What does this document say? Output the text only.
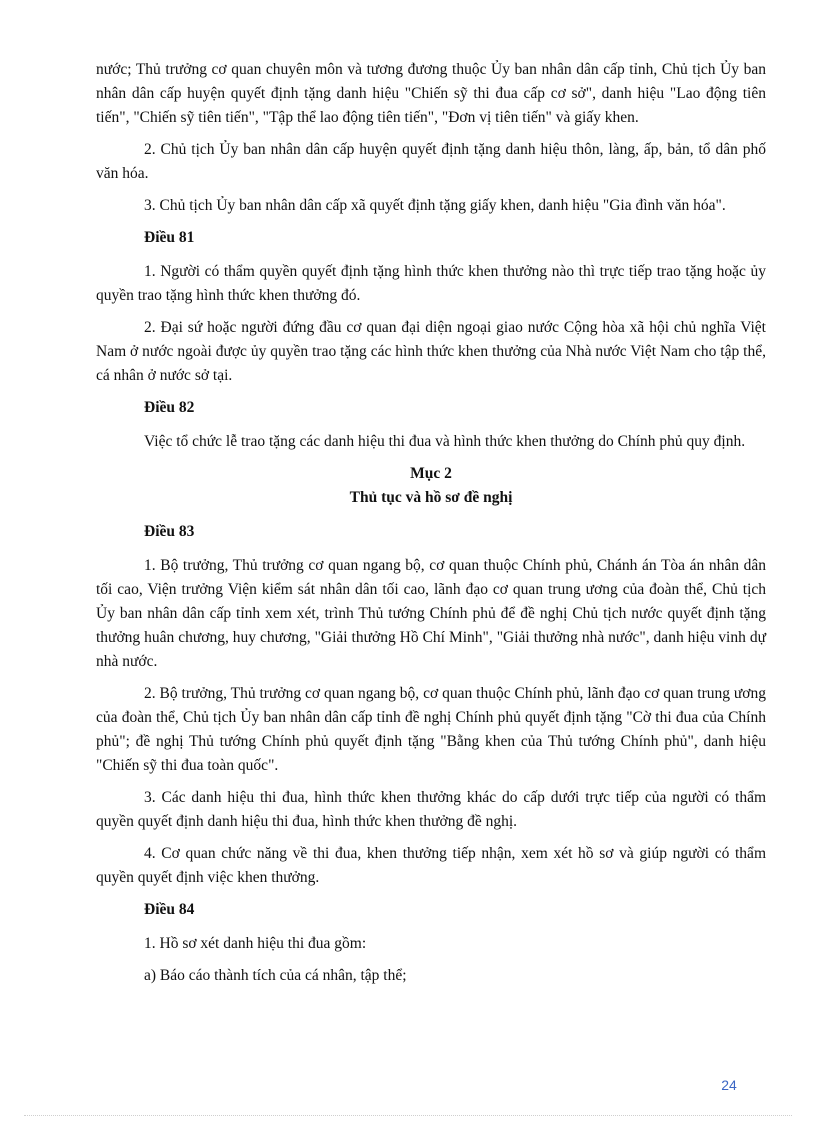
nước; Thủ trưởng cơ quan chuyên môn và tương đương thuộc Ủy ban nhân dân cấp tỉnh, Chủ tịch Ủy ban nhân dân cấp huyện quyết định tặng danh hiệu "Chiến sỹ thi đua cấp cơ sở", danh hiệu "Lao động tiên tiến", "Chiến sỹ tiên tiến", "Tập thể lao động tiên tiến", "Đơn vị tiên tiến" và giấy khen.

2. Chủ tịch Ủy ban nhân dân cấp huyện quyết định tặng danh hiệu thôn, làng, ấp, bản, tổ dân phố văn hóa.

3. Chủ tịch Ủy ban nhân dân cấp xã quyết định tặng giấy khen, danh hiệu "Gia đình văn hóa".

Điều 81

1. Người có thẩm quyền quyết định tặng hình thức khen thưởng nào thì trực tiếp trao tặng hoặc ủy quyền trao tặng hình thức khen thưởng đó.

2. Đại sứ hoặc người đứng đầu cơ quan đại diện ngoại giao nước Cộng hòa xã hội chủ nghĩa Việt Nam ở nước ngoài được ủy quyền trao tặng các hình thức khen thưởng của Nhà nước Việt Nam cho tập thể, cá nhân ở nước sở tại.

Điều 82

Việc tổ chức lễ trao tặng các danh hiệu thi đua và hình thức khen thưởng do Chính phủ quy định.

Mục 2
Thủ tục và hồ sơ đề nghị
Điều 83

1. Bộ trưởng, Thủ trưởng cơ quan ngang bộ, cơ quan thuộc Chính phủ, Chánh án Tòa án nhân dân tối cao, Viện trưởng Viện kiểm sát nhân dân tối cao, lãnh đạo cơ quan trung ương của đoàn thể, Chủ tịch Ủy ban nhân dân cấp tỉnh xem xét, trình Thủ tướng Chính phủ để đề nghị Chủ tịch nước quyết định tặng thưởng huân chương, huy chương, "Giải thưởng Hồ Chí Minh", "Giải thưởng nhà nước", danh hiệu vinh dự nhà nước.

2. Bộ trưởng, Thủ trưởng cơ quan ngang bộ, cơ quan thuộc Chính phủ, lãnh đạo cơ quan trung ương của đoàn thể, Chủ tịch Ủy ban nhân dân cấp tỉnh đề nghị Chính phủ quyết định tặng "Cờ thi đua của Chính phủ"; đề nghị Thủ tướng Chính phủ quyết định tặng "Bằng khen của Thủ tướng Chính phủ", danh hiệu "Chiến sỹ thi đua toàn quốc".

3. Các danh hiệu thi đua, hình thức khen thưởng khác do cấp dưới trực tiếp của người có thẩm quyền quyết định danh hiệu thi đua, hình thức khen thưởng đề nghị.

4. Cơ quan chức năng về thi đua, khen thưởng tiếp nhận, xem xét hồ sơ và giúp người có thẩm quyền quyết định việc khen thưởng.

Điều 84

1. Hồ sơ xét danh hiệu thi đua gồm:

a) Báo cáo thành tích của cá nhân, tập thể;

24
